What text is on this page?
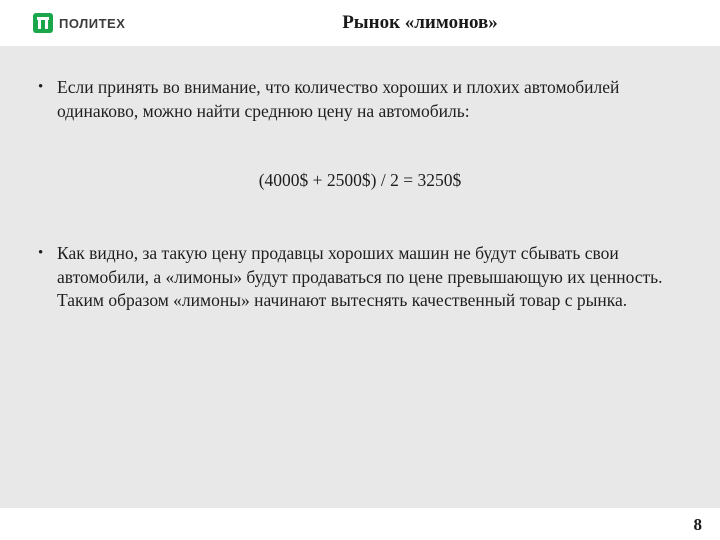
ПОЛИТЕХ	Рынок «лимонов»
• Если принять во внимание, что количество хороших и плохих автомобилей одинаково, можно найти среднюю цену на автомобиль:
(4000$ + 2500$) / 2 = 3250$
• Как видно, за такую цену продавцы хороших машин не будут сбывать свои автомобили, а «лимоны» будут продаваться по цене превышающую их ценность. Таким образом «лимоны» начинают вытеснять качественный товар с рынка.
8
